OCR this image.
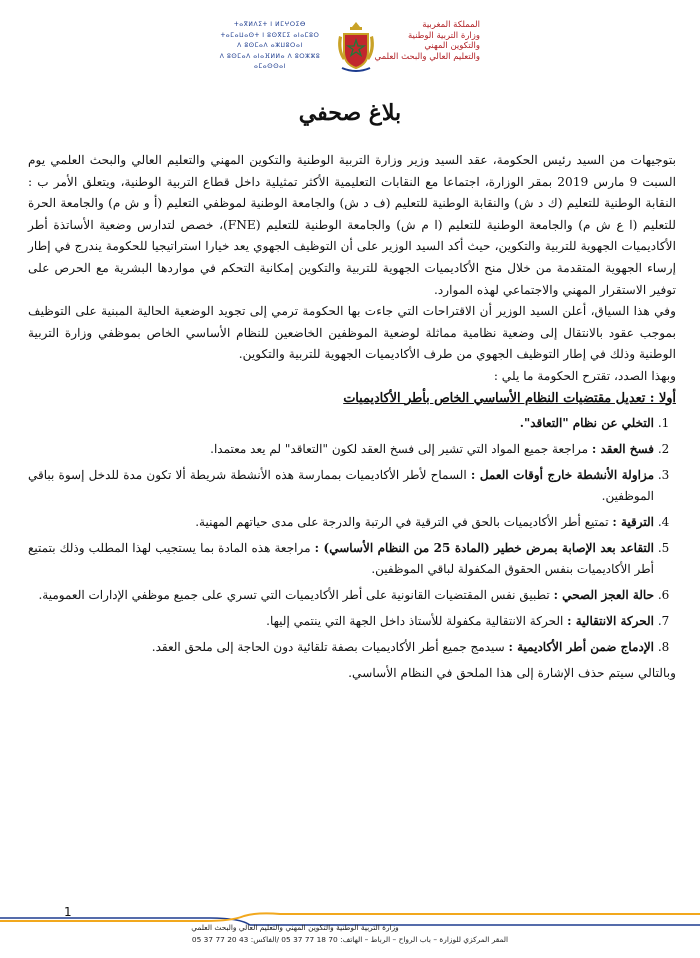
ⵜⴰⴳⵍⴷⵉⵜ ⵏ ⵍⵎⵖⵔⵉⴱ
ⵜⴰⵎⴰⵡⴰⵙⵜ ⵏ ⵓⵙⴳⵎⵉ ⴰⵏⴰⵎⵓⵔ
ⴷ ⵓⵙⵎⴰⴷ ⴰⵣⵡⵓⵔⴰⵏ
ⴷ ⵓⵙⵎⴰⴷ ⴰⵏⴰⴼⵍⵍⴰ ⴷ ⵓⵔⵣⵣⵓ ⴰⵎⴰⵙⵙⴰⵏ
المملكة المغربية
وزارة التربية الوطنية
والتكوين المهني
والتعليم العالي والبحث العلمي
بلاغ صحفي

بتوجيهات من السيد رئيس الحكومة، عقد السيد وزير وزارة التربية الوطنية والتكوين المهني والتعليم العالي والبحث العلمي يوم السبت 9 مارس 2019 بمقر الوزارة، اجتماعا مع النقابات التعليمية الأكثر تمثيلية داخل قطاع التربية الوطنية، ويتعلق الأمر ب : النقابة الوطنية للتعليم (ك د ش) والنقابة الوطنية للتعليم (ف د ش) والجامعة الوطنية لموظفي التعليم (أ و ش م) والجامعة الحرة للتعليم (ا ع ش م) والجامعة الوطنية للتعليم (ا م ش) والجامعة الوطنية للتعليم (FNE)، خصص لتدارس وضعية الأساتذة أطر الأكاديميات الجهوية للتربية والتكوين، حيث أكد السيد الوزير على أن التوظيف الجهوي يعد خيارا استراتيجيا للحكومة يندرج في إطار إرساء الجهوية المتقدمة من خلال منح الأكاديميات الجهوية للتربية والتكوين إمكانية التحكم في مواردها البشرية مع الحرص على توفير الاستقرار المهني والاجتماعي لهذه الموارد.

وفي هذا السياق، أعلن السيد الوزير أن الاقتراحات التي جاءت بها الحكومة ترمي إلى تجويد الوضعية الحالية المبنية على التوظيف بموجب عقود بالانتقال إلى وضعية نظامية مماثلة لوضعية الموظفين الخاضعين للنظام الأساسي الخاص بموظفي وزارة التربية الوطنية وذلك في إطار التوظيف الجهوي من طرف الأكاديميات الجهوية للتربية والتكوين.

وبهذا الصدد، تقترح الحكومة ما يلي :

أولا : تعديل مقتضيات النظام الأساسي الخاص بأطر الأكاديميات
1. التخلي عن نظام "التعاقد".
2. فسخ العقد : مراجعة جميع المواد التي تشير إلى فسخ العقد لكون "التعاقد" لم يعد معتمدا.
3. مزاولة الأنشطة خارج أوقات العمل : السماح لأطر الأكاديميات بممارسة هذه الأنشطة شريطة ألا تكون مدة للدخل إسوة بباقي الموظفين.
4. الترقية : تمتيع أطر الأكاديميات بالحق في الترقية في الرتبة والدرجة على مدى حياتهم المهنية.
5. التقاعد بعد الإصابة بمرض خطير (المادة 25 من النظام الأساسي) : مراجعة هذه المادة بما يستجيب لهذا المطلب وذلك بتمتيع أطر الأكاديميات بنفس الحقوق المكفولة لباقي الموظفين.
6. حالة العجز الصحي : تطبيق نفس المقتضيات القانونية على أطر الأكاديميات التي تسري على جميع موظفي الإدارات العمومية.
7. الحركة الانتقالية : الحركة الانتقالية مكفولة للأستاذ داخل الجهة التي ينتمي إليها.
8. الإدماج ضمن أطر الأكاديمية : سيدمج جميع أطر الأكاديميات بصفة تلقائية دون الحاجة إلى ملحق العقد.

وبالتالي سيتم حذف الإشارة إلى هذا الملحق في النظام الأساسي.

1
وزارة التربية الوطنية والتكوين المهني والتعليم العالي والبحث العلمي
المقر المركزي للوزارة – باب الرواح – الرباط – الهاتف: 70 18 77 37 05 /الفاكس: 43 20 77 37 05
